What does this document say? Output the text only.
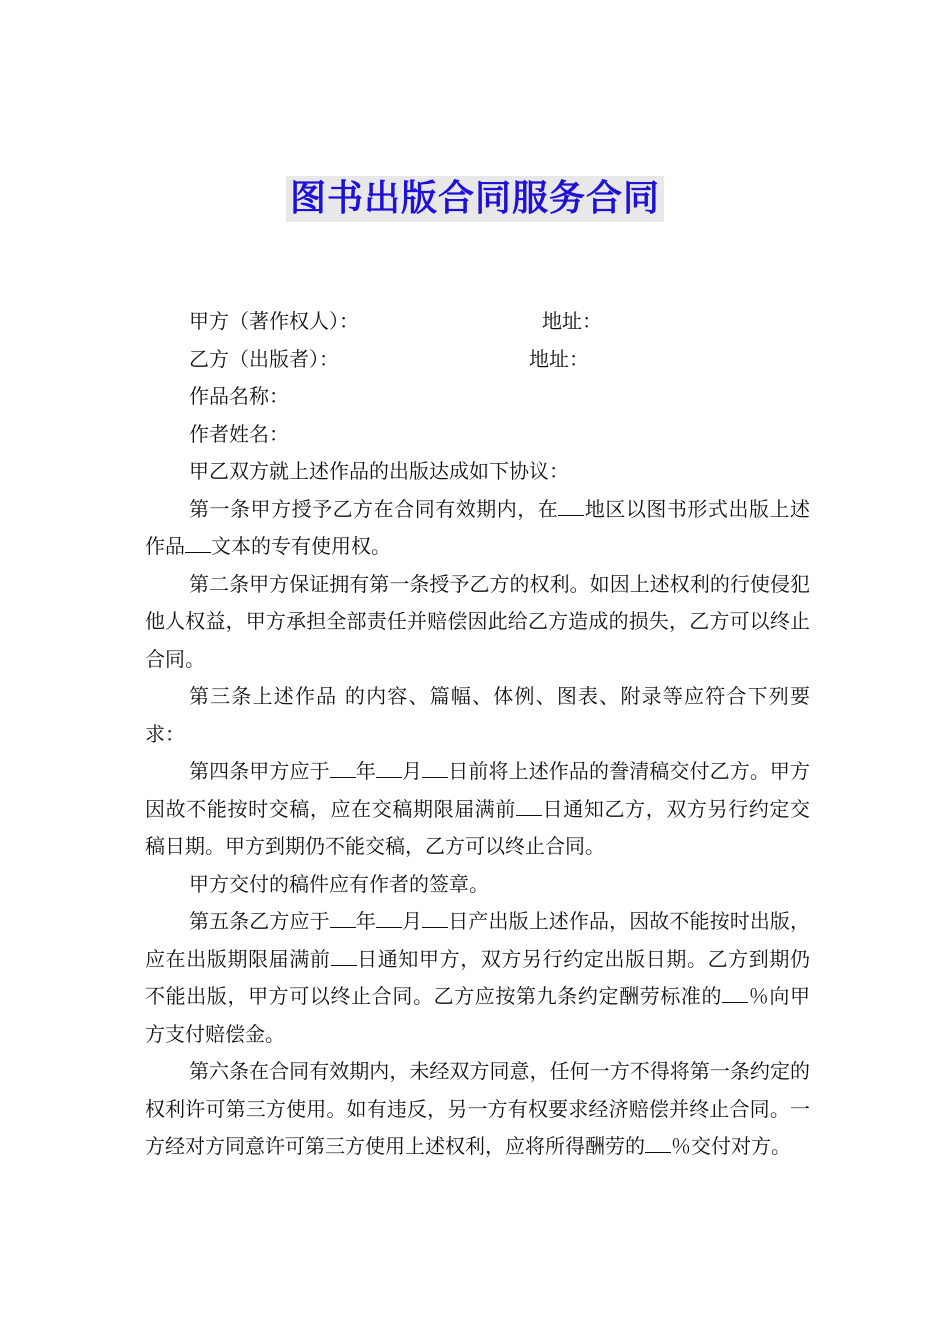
图书出版合同服务合同
甲方（著作权人）：	地址：
乙方（出版者）：	地址：
作品名称：
作者姓名：
甲乙双方就上述作品的出版达成如下协议：

第一条甲方授予乙方在合同有效期内，在 地区以图书形式出版上述作品 文本的专有使用权。

第二条甲方保证拥有第一条授予乙方的权利。如因上述权利的行使侵犯他人权益，甲方承担全部责任并赔偿因此给乙方造成的损失，乙方可以终止合同。

第三条上述作品 的内容、篇幅、体例、图表、附录等应符合下列要求：

第四条甲方应于 年 月 日前将上述作品的誊清稿交付乙方。甲方因故不能按时交稿，应在交稿期限届满前 日通知乙方，双方另行约定交稿日期。甲方到期仍不能交稿，乙方可以终止合同。

甲方交付的稿件应有作者的签章。

第五条乙方应于 年 月 日产出版上述作品，因故不能按时出版，应在出版期限届满前 日通知甲方，双方另行约定出版日期。乙方到期仍不能出版，甲方可以终止合同。乙方应按第九条约定酬劳标准的 ％向甲方支付赔偿金。

第六条在合同有效期内，未经双方同意，任何一方不得将第一条约定的权利许可第三方使用。如有违反，另一方有权要求经济赔偿并终止合同。一方经对方同意许可第三方使用上述权利，应将所得酬劳的 ％交付对方。
